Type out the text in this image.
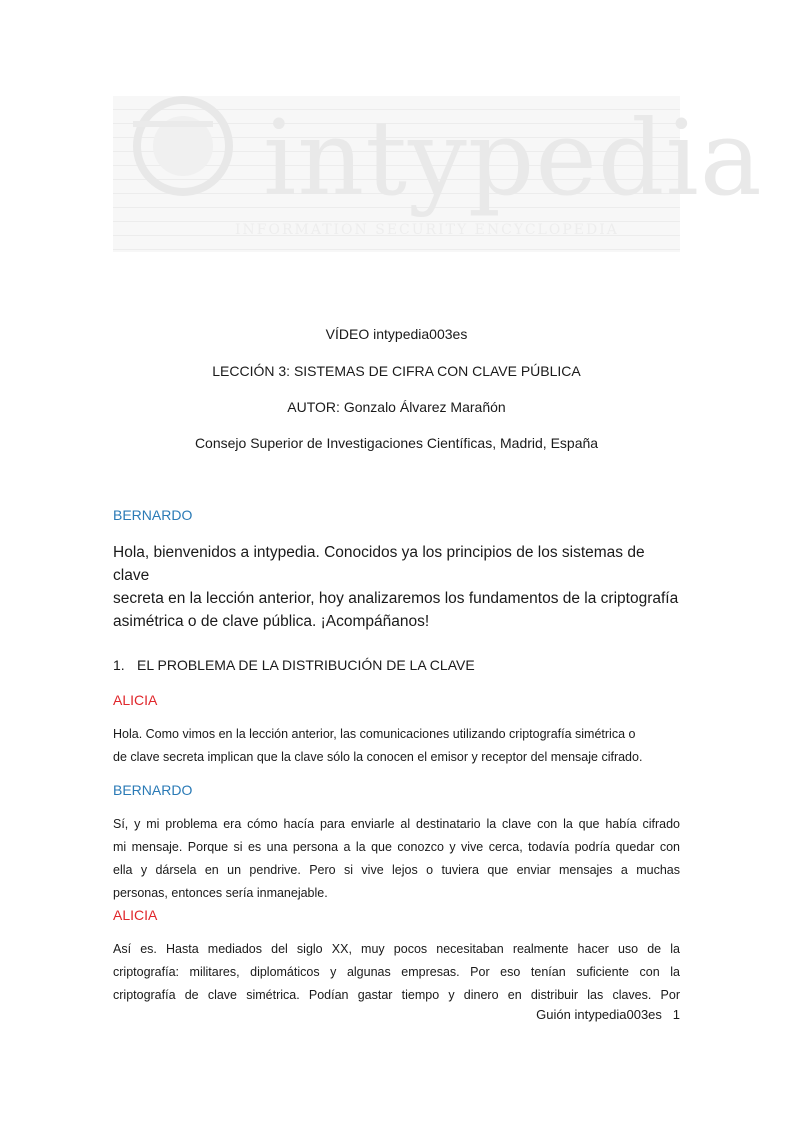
intypedia
INFORMATION SECURITY ENCYCLOPEDIA
VÍDEO intypedia003es
LECCIÓN 3: SISTEMAS DE CIFRA CON CLAVE PÚBLICA
AUTOR: Gonzalo Álvarez Marañón
Consejo Superior de Investigaciones Científicas, Madrid, España
BERNARDO
Hola, bienvenidos a intypedia. Conocidos ya los principios de los sistemas de clave
secreta en la lección anterior, hoy analizaremos los fundamentos de la criptografía
asimétrica o de clave pública. ¡Acompáñanos!
1. EL PROBLEMA DE LA DISTRIBUCIÓN DE LA CLAVE
ALICIA
Hola. Como vimos en la lección anterior, las comunicaciones utilizando criptografía simétrica o
de clave secreta implican que la clave sólo la conocen el emisor y receptor del mensaje cifrado.
BERNARDO
Sí, y mi problema era cómo hacía para enviarle al destinatario la clave con la que había cifrado
mi mensaje. Porque si es una persona a la que conozco y vive cerca, todavía podría quedar con
ella y dársela en un pendrive. Pero si vive lejos o tuviera que enviar mensajes a muchas
personas, entonces sería inmanejable.
ALICIA
Así es. Hasta mediados del siglo XX, muy pocos necesitaban realmente hacer uso de la
criptografía: militares, diplomáticos y algunas empresas. Por eso tenían suficiente con la
criptografía de clave simétrica. Podían gastar tiempo y dinero en distribuir las claves. Por
Guión intypedia003es 1
